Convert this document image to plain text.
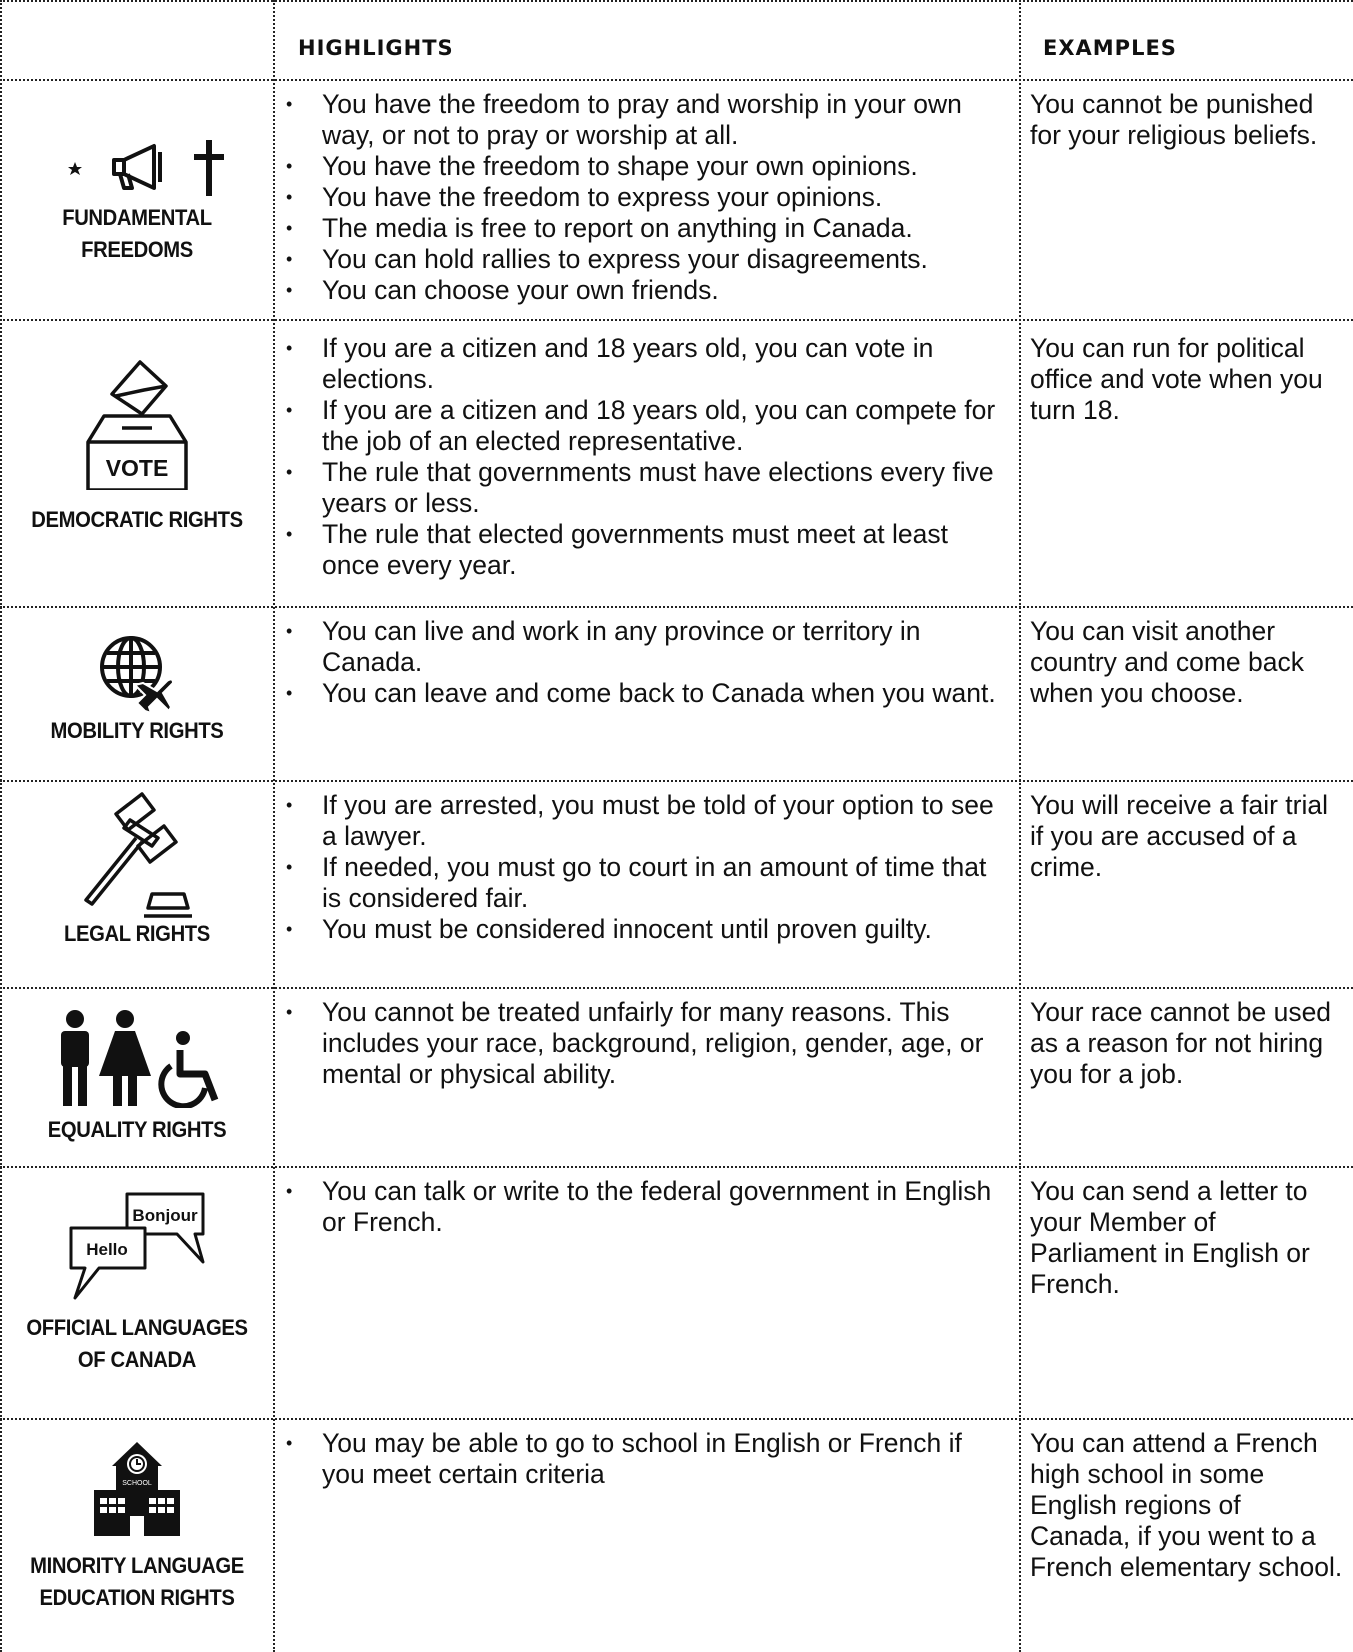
HIGHLIGHTS	EXAMPLES
FUNDAMENTAL FREEDOMS
• You have the freedom to pray and worship in your own way, or not to pray or worship at all.
• You have the freedom to shape your own opinions.
• You have the freedom to express your opinions.
• The media is free to report on anything in Canada.
• You can hold rallies to express your disagreements.
• You can choose your own friends.
You cannot be punished for your religious beliefs.
VOTE
DEMOCRATIC RIGHTS
• If you are a citizen and 18 years old, you can vote in elections.
• If you are a citizen and 18 years old, you can compete for the job of an elected representative.
• The rule that governments must have elections every five years or less.
• The rule that elected governments must meet at least once every year.
You can run for political office and vote when you turn 18.
MOBILITY RIGHTS
• You can live and work in any province or territory in Canada.
• You can leave and come back to Canada when you want.
You can visit another country and come back when you choose.
LEGAL RIGHTS
• If you are arrested, you must be told of your option to see a lawyer.
• If needed, you must go to court in an amount of time that is considered fair.
• You must be considered innocent until proven guilty.
You will receive a fair trial if you are accused of a crime.
EQUALITY RIGHTS
• You cannot be treated unfairly for many reasons. This includes your race, background, religion, gender, age, or mental or physical ability.
Your race cannot be used as a reason for not hiring you for a job.
Bonjour
Hello
OFFICIAL LANGUAGES OF CANADA
• You can talk or write to the federal government in English or French.
You can send a letter to your Member of Parliament in English or French.
SCHOOL
MINORITY LANGUAGE EDUCATION RIGHTS
• You may be able to go to school in English or French if you meet certain criteria
You can attend a French high school in some English regions of Canada, if you went to a French elementary school.
